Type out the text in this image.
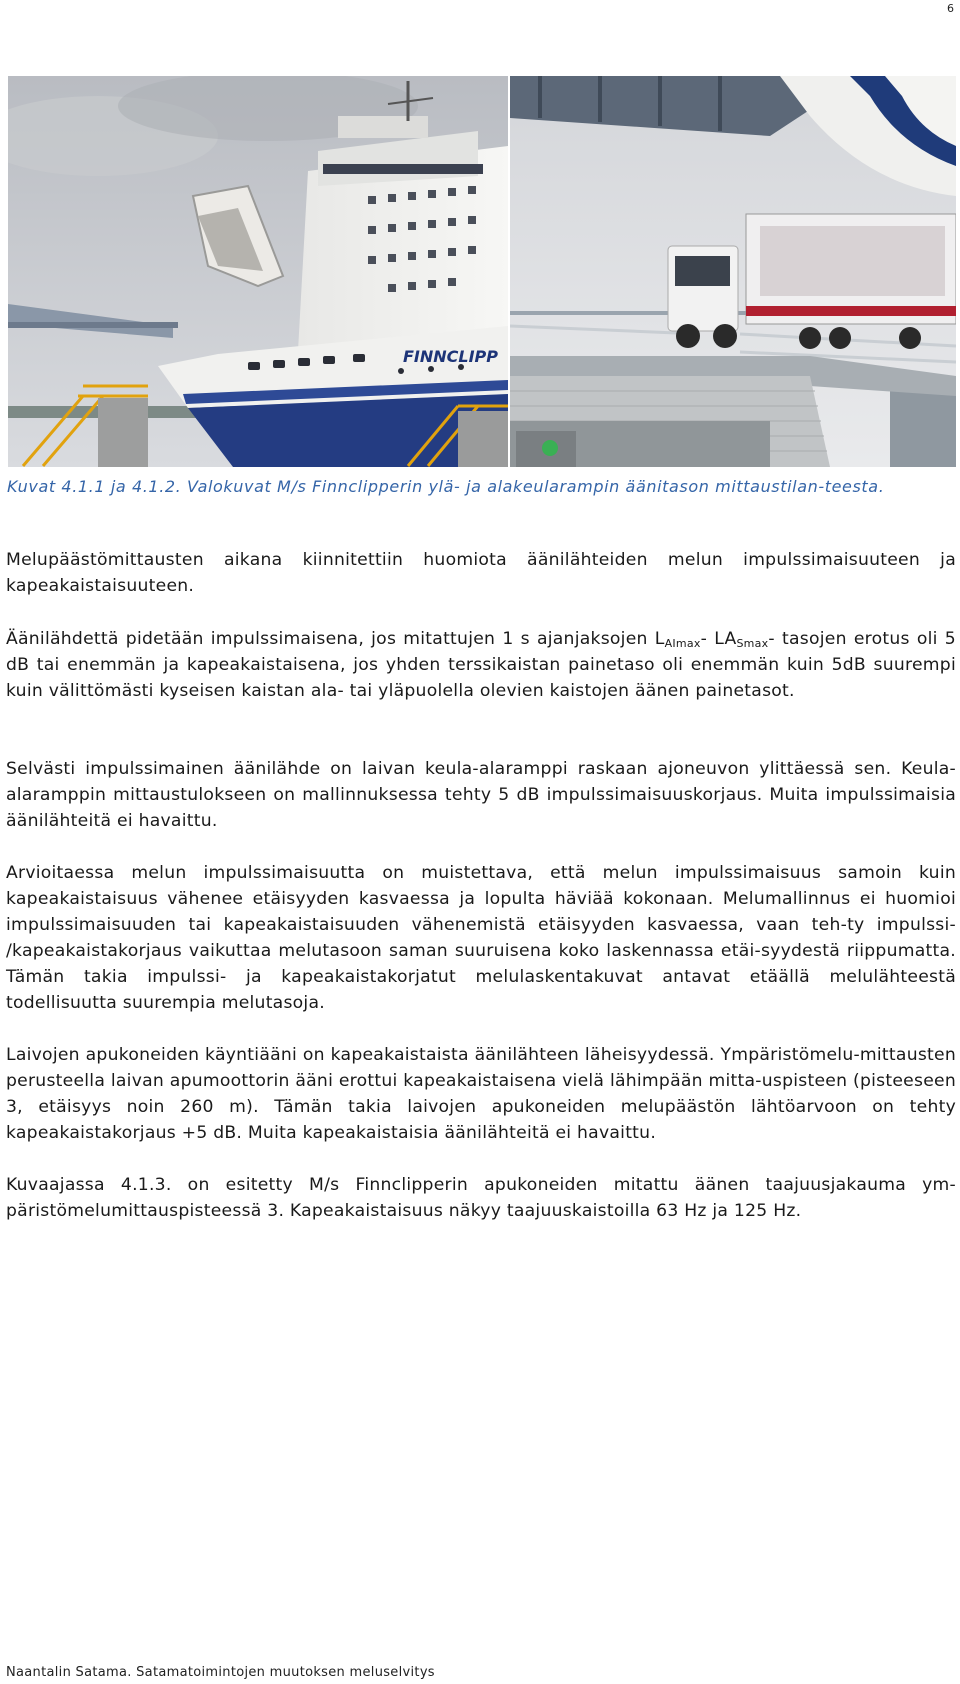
6
FINNCLIPP

Kuvat 4.1.1 ja 4.1.2. Valokuvat M/s Finnclipperin ylä- ja alakeularampin äänitason mittaustilan-teesta.

Melupäästömittausten aikana kiinnitettiin huomiota äänilähteiden melun impulssimaisuuteen ja kapeakaistaisuuteen.

Äänilähdettä pidetään impulssimaisena, jos mitattujen 1 s ajanjaksojen $L_{AImax}-$ $LA_{Smax}-$ tasojen erotus oli 5 dB tai enemmän ja kapeakaistaisena, jos yhden terssikaistan painetaso oli enemmän kuin 5dB suurempi kuin välittömästi kyseisen kaistan ala- tai yläpuolella olevien kaistojen äänen painetasot.

Selvästi impulssimainen äänilähde on laivan keula-alaramppi raskaan ajoneuvon ylittäessä sen. Keula-alaramppin mittaustulokseen on mallinnuksessa tehty 5 dB impulssimaisuuskorjaus. Muita impulssimaisia äänilähteitä ei havaittu.

Arvioitaessa melun impulssimaisuutta on muistettava, että melun impulssimaisuus samoin kuin kapeakaistaisuus vähenee etäisyyden kasvaessa ja lopulta häviää kokonaan. Melumallinnus ei huomioi impulssimaisuuden tai kapeakaistaisuuden vähenemistä etäisyyden kasvaessa, vaan teh-ty impulssi- /kapeakaistakorjaus vaikuttaa melutasoon saman suuruisena koko laskennassa etäi-syydestä riippumatta. Tämän takia impulssi- ja kapeakaistakorjatut melulaskentakuvat antavat etäällä melulähteestä todellisuutta suurempia melutasoja.

Laivojen apukoneiden käyntiääni on kapeakaistaista äänilähteen läheisyydessä. Ympäristömelu-mittausten perusteella laivan apumoottorin ääni erottui kapeakaistaisena vielä lähimpään mitta-uspisteen (pisteeseen 3, etäisyys noin 260 m). Tämän takia laivojen apukoneiden melupäästön lähtöarvoon on tehty kapeakaistakorjaus +5 dB. Muita kapeakaistaisia äänilähteitä ei havaittu.

Kuvaajassa 4.1.3. on esitetty M/s Finnclipperin apukoneiden mitattu äänen taajuusjakauma ym-päristömelumittauspisteessä 3. Kapeakaistaisuus näkyy taajuuskaistoilla 63 Hz ja 125 Hz.

Naantalin Satama. Satamatoimintojen muutoksen meluselvitys
